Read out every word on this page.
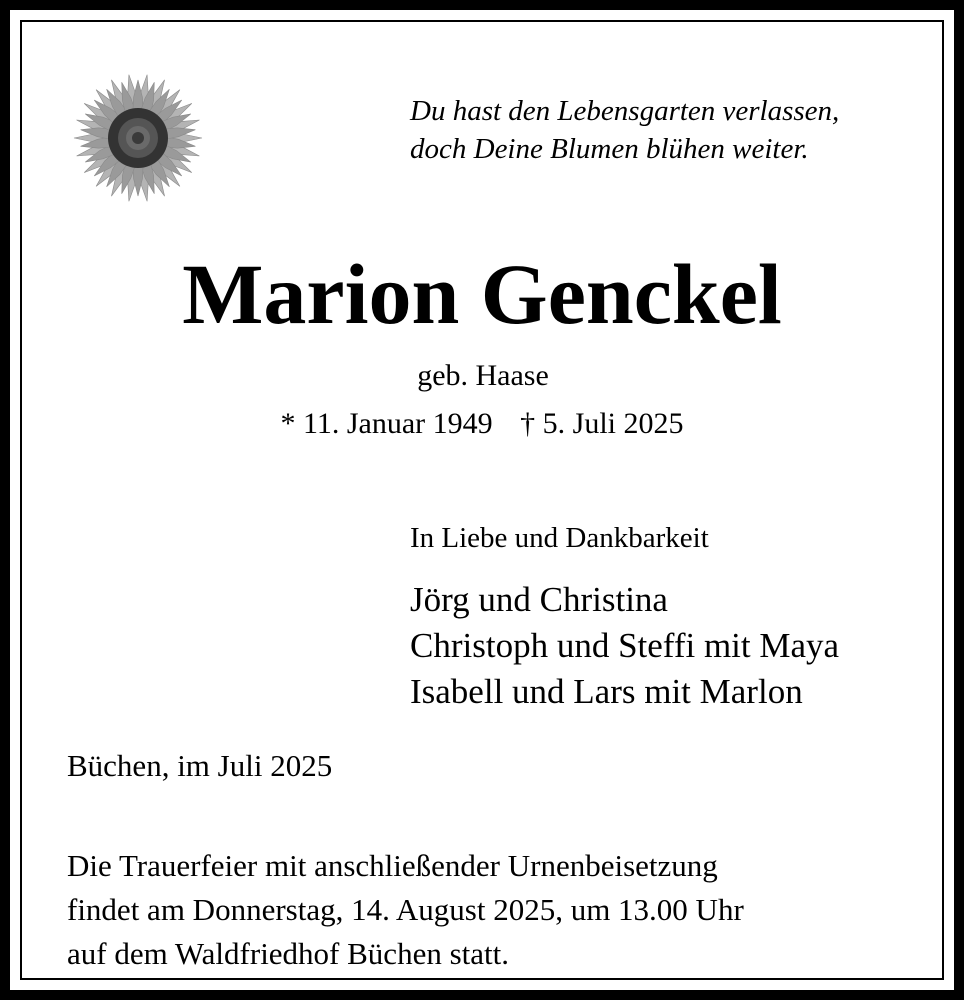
Du hast den Lebensgarten verlassen,
doch Deine Blumen blühen weiter.
Marion Genckel
geb. Haase
* 11. Januar 1949 † 5. Juli 2025
In Liebe und Dankbarkeit
Jörg und Christina
Christoph und Steffi mit Maya
Isabell und Lars mit Marlon
Büchen, im Juli 2025
Die Trauerfeier mit anschließender Urnenbeisetzung
findet am Donnerstag, 14. August 2025, um 13.00 Uhr
auf dem Waldfriedhof Büchen statt.
